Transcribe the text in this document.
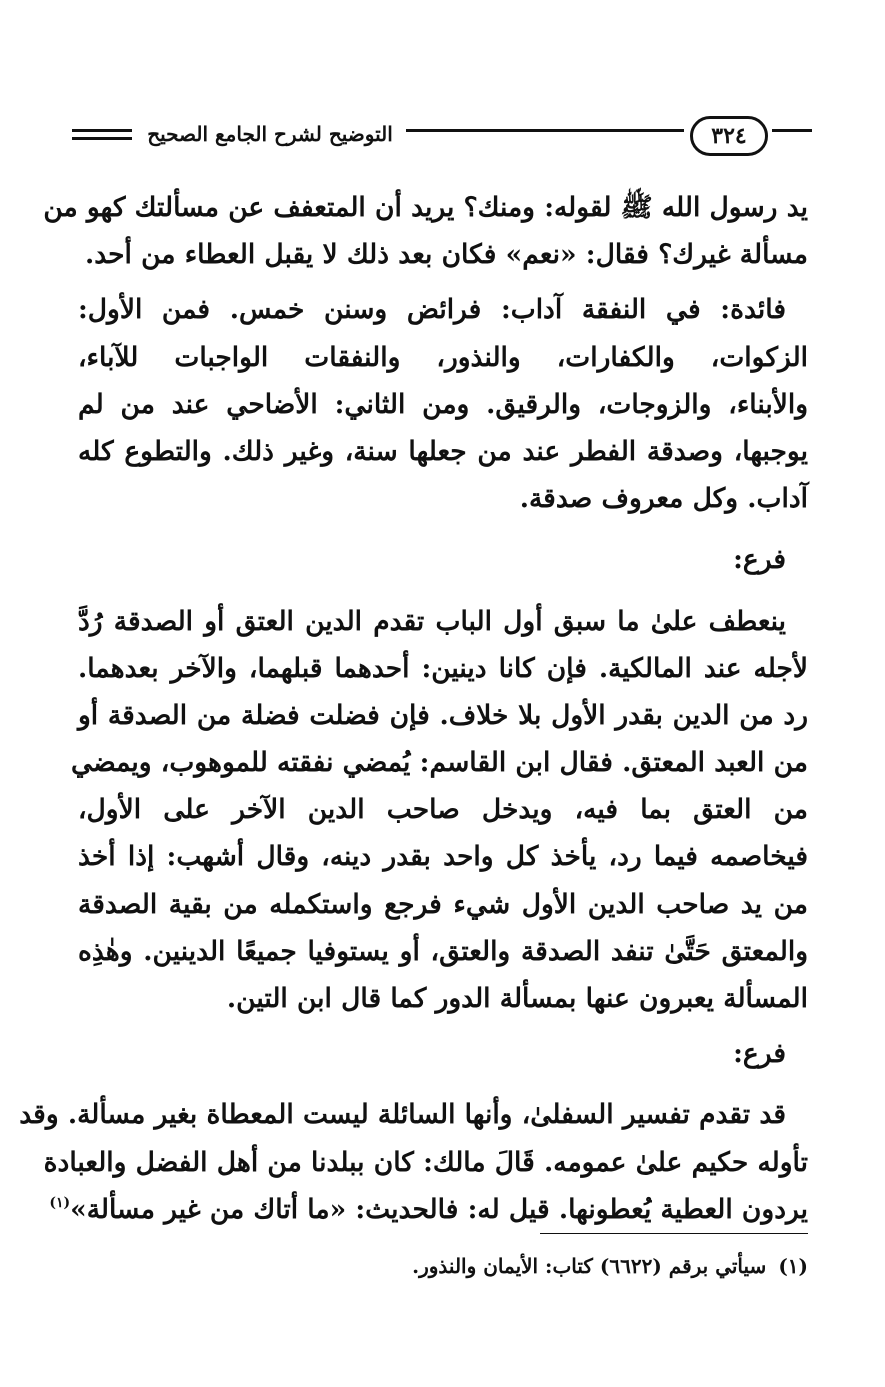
التوضيح لشرح الجامع الصحيح	٣٢٤
يد رسول الله ﷺ لقوله: ومنك؟ يريد أن المتعفف عن مسألتك كهو من
مسألة غيرك؟ فقال: «نعم» فكان بعد ذلك لا يقبل العطاء من أحد.
فائدة: في النفقة آداب: فرائض وسنن خمس. فمن الأول:
الزكوات، والكفارات، والنذور، والنفقات الواجبات للآباء،
والأبناء، والزوجات، والرقيق. ومن الثاني: الأضاحي عند من لم
يوجبها، وصدقة الفطر عند من جعلها سنة، وغير ذلك. والتطوع كله
آداب. وكل معروف صدقة.
فرع:
ينعطف علىٰ ما سبق أول الباب تقدم الدين العتق أو الصدقة رُدَّ
لأجله عند المالكية. فإن كانا دينين: أحدهما قبلهما، والآخر بعدهما.
رد من الدين بقدر الأول بلا خلاف. فإن فضلت فضلة من الصدقة أو
من العبد المعتق. فقال ابن القاسم: يُمضي نفقته للموهوب، ويمضي
من العتق بما فيه، ويدخل صاحب الدين الآخر على الأول،
فيخاصمه فيما رد، يأخذ كل واحد بقدر دينه، وقال أشهب: إذا أخذ
من يد صاحب الدين الأول شيء فرجع واستكمله من بقية الصدقة
والمعتق حَتَّىٰ تنفد الصدقة والعتق، أو يستوفيا جميعًا الدينين. وهٰذِه
المسألة يعبرون عنها بمسألة الدور كما قال ابن التين.
فرع:
قد تقدم تفسير السفلىٰ، وأنها السائلة ليست المعطاة بغير مسألة. وقد
تأوله حكيم علىٰ عمومه. قَالَ مالك: كان ببلدنا من أهل الفضل والعبادة
يردون العطية يُعطونها. قيل له: فالحديث: «ما أتاك من غير مسألة»$^{(١)}$
(١)سيأتي برقم (٦٦٢٢) كتاب: الأيمان والنذور.
